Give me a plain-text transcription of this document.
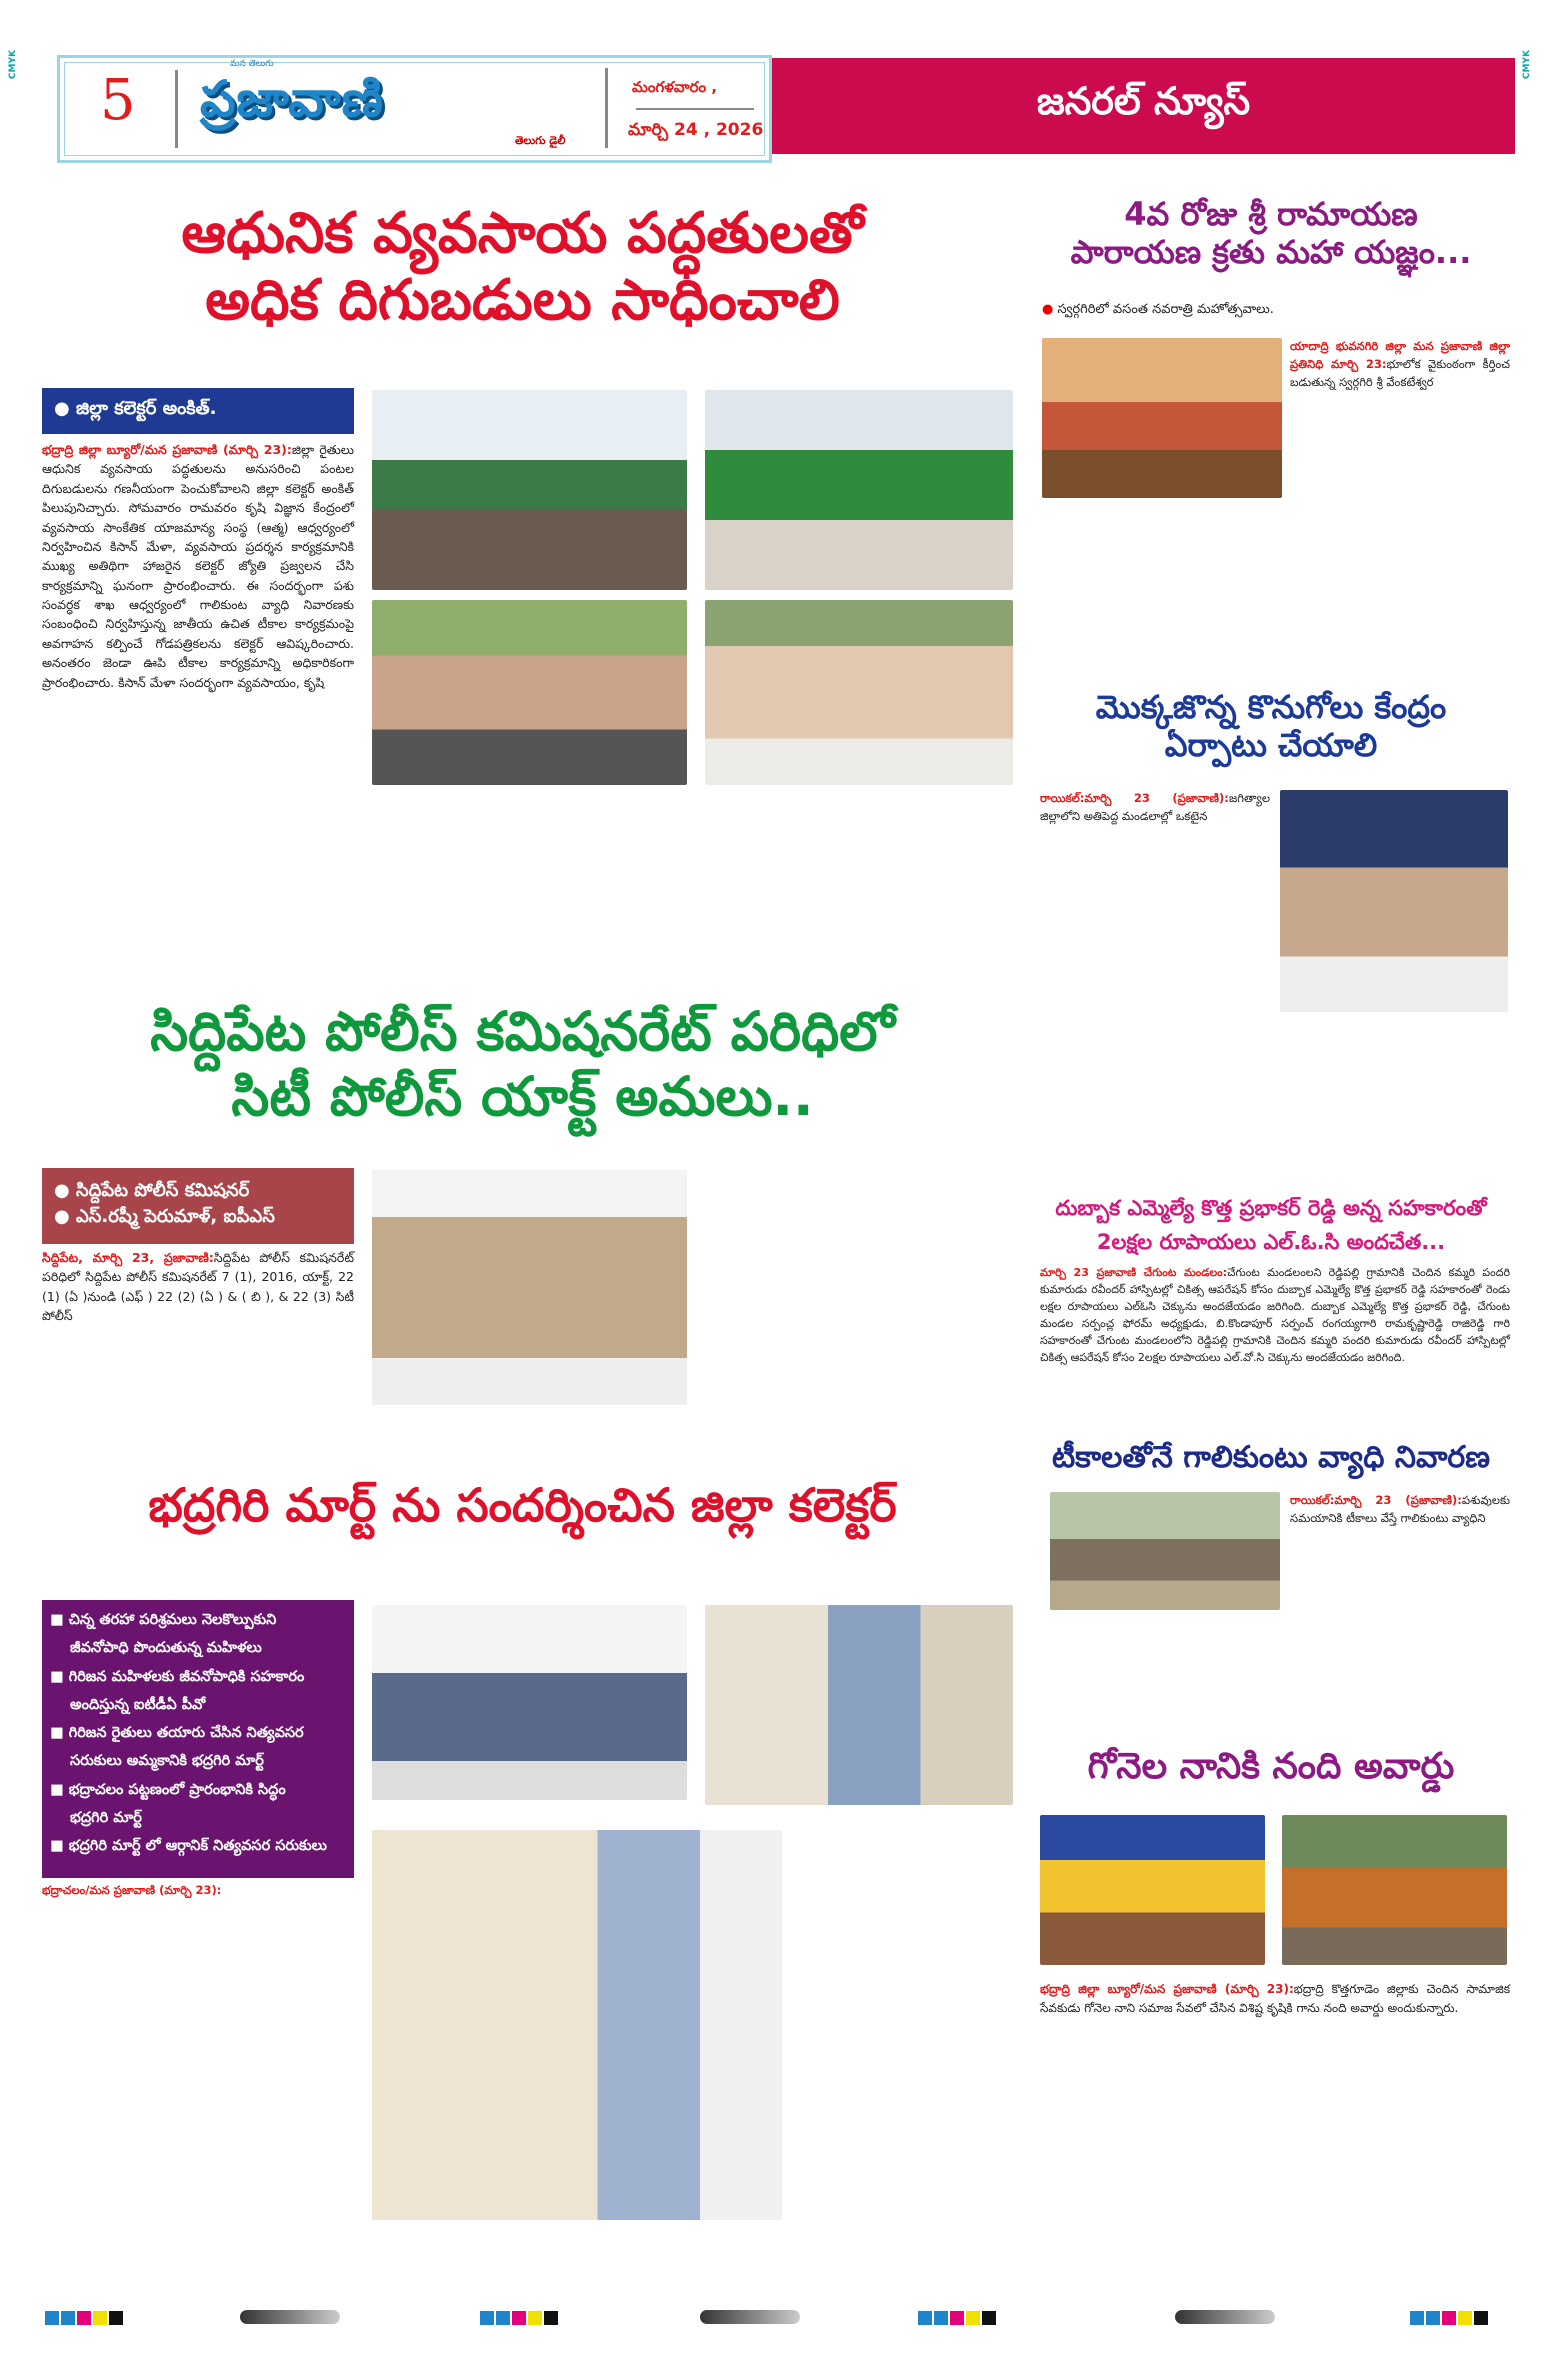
CMYK	CMYK
5
మన తెలుగు
ప్రజావాణి
తెలుగు డైలీ
మంగళవారం ,
మార్చి 24 , 2026
జనరల్ న్యూస్
ఆధునిక వ్యవసాయ పద్ధతులతో
అధిక దిగుబడులు సాధించాలి
● జిల్లా కలెక్టర్ అంకిత్.
భద్రాద్రి జిల్లా బ్యూరో/మన ప్రజావాణి (మార్చి 23):జిల్లా రైతులు ఆధునిక వ్యవసాయ పద్ధతులను అనుసరించి పంటల దిగుబడులను గణనీయంగా పెంచుకోవాలని జిల్లా కలెక్టర్ అంకిత్ పిలుపునిచ్చారు. సోమవారం రామవరం కృషి విజ్ఞాన కేంద్రంలో వ్యవసాయ సాంకేతిక యాజమాన్య సంస్థ (ఆత్మ) ఆధ్వర్యంలో నిర్వహించిన కిసాన్ మేళా, వ్యవసాయ ప్రదర్శన కార్యక్రమానికి ముఖ్య అతిథిగా హాజరైన కలెక్టర్ జ్యోతి ప్రజ్వలన చేసి కార్యక్రమాన్ని ఘనంగా ప్రారంభించారు. ఈ సందర్భంగా పశు సంవర్ధక శాఖ ఆధ్వర్యంలో గాలికుంట వ్యాధి నివారణకు సంబంధించి నిర్వహిస్తున్న జాతీయ ఉచిత టీకాల కార్యక్రమంపై అవగాహన కల్పించే గోడపత్రికలను కలెక్టర్ ఆవిష్కరించారు. అనంతరం జెండా ఊపి టీకాల కార్యక్రమాన్ని అధికారికంగా ప్రారంభించారు. కిసాన్ మేళా సందర్భంగా వ్యవసాయం, కృషి
సిద్దిపేట పోలీస్ కమిషనరేట్ పరిధిలో
సిటీ పోలీస్ యాక్ట్ అమలు..
● సిద్దిపేట పోలీస్ కమిషనర్
● ఎస్.రష్మీ పెరుమాళ్, ఐపీఎస్
సిద్దిపేట, మార్చి 23, ప్రజావాణి:సిద్దిపేట పోలీస్ కమిషనరేట్ పరిధిలో సిద్దిపేట పోలీస్ కమిషనరేట్ 7 (1), 2016, యాక్ట్, 22 (1) (ఏ )నుండి (ఎఫ్ ) 22 (2) (ఏ ) & ( బి ), & 22 (3) సిటీ పోలీస్
భద్రగిరి మార్ట్ ను సందర్శించిన జిల్లా కలెక్టర్
■ చిన్న తరహా పరిశ్రమలు నెలకొల్పుకుని
జీవనోపాధి పొందుతున్న మహిళలు
■ గిరిజన మహిళలకు జీవనోపాధికి సహకారం
అందిస్తున్న ఐటీడీఏ పీవో
■ గిరిజన రైతులు తయారు చేసిన నిత్యవసర
సరుకులు అమ్మకానికి భద్రగిరి మార్ట్
■ భద్రాచలం పట్టణంలో ప్రారంభానికి సిద్ధం
భద్రగిరి మార్ట్
■ భద్రగిరి మార్ట్ లో ఆర్గానిక్ నిత్యవసర సరుకులు
భద్రాచలం/మన ప్రజావాణి (మార్చి 23):
4వ రోజు శ్రీ రామాయణ
పారాయణ క్రతు మహా యజ్ఞం...
● స్వర్గగిరిలో వసంత నవరాత్రి మహోత్సవాలు.
యాదాద్రి భువనగిరి జిల్లా మన ప్రజావాణి జిల్లా ప్రతినిధి మార్చి 23:భూలోక వైకుంఠంగా కీర్తించ బడుతున్న స్వర్గగిరి శ్రీ వేంకటేశ్వర
మొక్కజొన్న కొనుగోలు కేంద్రం
ఏర్పాటు చేయాలి
రాయికల్:మార్చి 23 (ప్రజావాణి):జగిత్యాల జిల్లాలోని అతిపెద్ద మండలాల్లో ఒకటైన
దుబ్బాక ఎమ్మెల్యే కొత్త ప్రభాకర్ రెడ్డి అన్న సహకారంతో
2లక్షల రూపాయలు ఎల్.ఓ.సి అందచేత...
మార్చి 23 ప్రజావాణి చేగుంట మండలం:చేగుంట మండలంలని రెడ్డిపల్లి గ్రామానికి చెందిన కమ్మరి పందరి కుమారుడు రవీందర్ హాస్పిటల్లో చికిత్స ఆపరేషన్ కోసం దుబ్బాక ఎమ్మెల్యే కొత్త ప్రభాకర్ రెడ్డి సహకారంతో రెండు లక్షల రూపాయలు ఎల్ఓసి చెక్కును అందజేయడం జరిగింది. దుబ్బాక ఎమ్మెల్యే కొత్త ప్రభాకర్ రెడ్డి, చేగుంట మండల సర్పంచ్ల ఫోరమ్ అధ్యక్షుడు, బి.కొండాపూర్ సర్పంచ్ రంగయ్యగారి రామకృష్ణారెడ్డి రాజిరెడ్డి గారి సహకారంతో చేగుంట మండలంలోని రెడ్డిపల్లి గ్రామానికి చెందిన కమ్మరి పందరి కుమారుడు రవీందర్ హాస్పిటల్లో చికిత్స ఆపరేషన్ కోసం 2లక్షల రూపాయలు ఎల్.వో.సి చెక్కును అందజేయడం జరిగింది.
టీకాలతోనే గాలికుంటు వ్యాధి నివారణ
రాయికల్:మార్చి 23 (ప్రజావాణి):పశువులకు సమయానికి టీకాలు వేస్తే గాలికుంటు వ్యాధిని
గోనెల నానికి నంది అవార్డు
భద్రాద్రి జిల్లా బ్యూరో/మన ప్రజావాణి (మార్చి 23):భద్రాద్రి కొత్తగూడెం జిల్లాకు చెందిన సామాజిక సేవకుడు గోనెల నాని సమాజ సేవలో చేసిన విశిష్ట కృషికి గాను నంది అవార్డు అందుకున్నారు.
